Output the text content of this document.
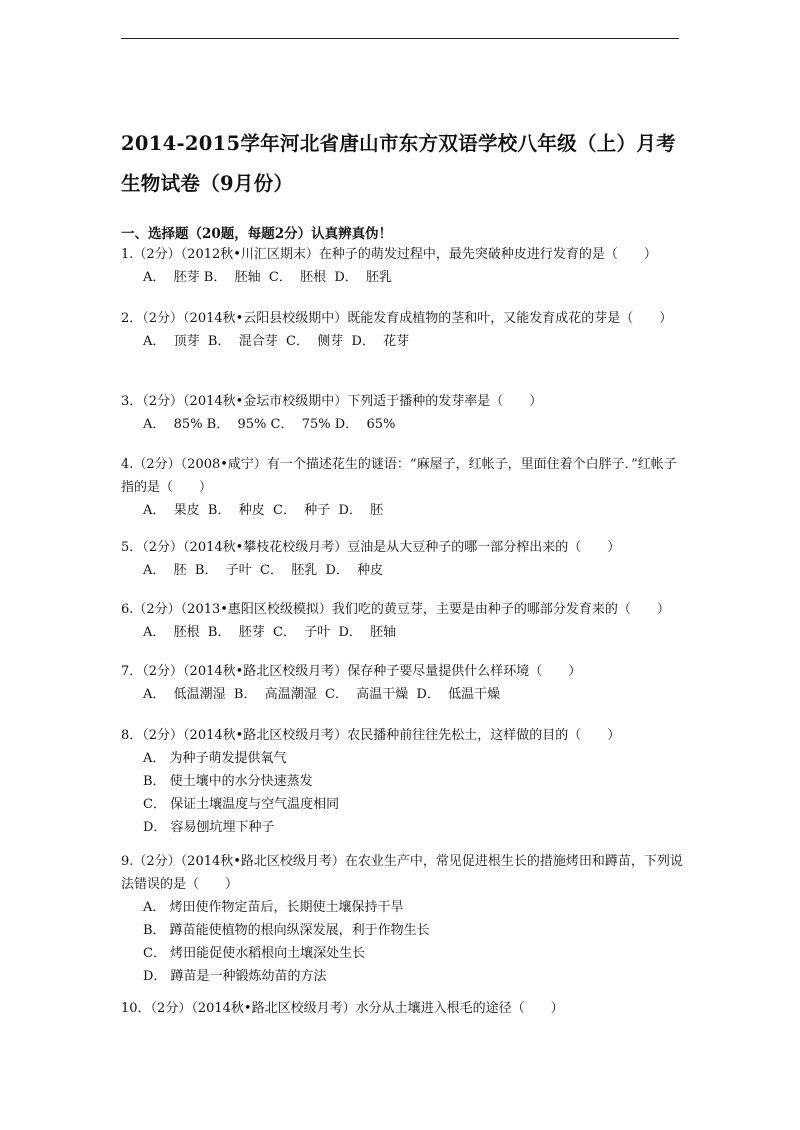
2014-2015学年河北省唐山市东方双语学校八年级（上）月考生物试卷（9月份）
一、选择题（20题，每题2分）认真辨真伪！
1.（2分）（2012秋•川汇区期末）在种子的萌发过程中，最先突破种皮进行发育的是（　　）
A．  胚芽 B．  胚轴  C．  胚根  D．  胚乳
2．（2分）（2014秋•云阳县校级期中）既能发育成植物的茎和叶，又能发育成花的芽是（　　）
A．  顶芽  B．  混合芽  C．  侧芽  D．  花芽
3．（2分）（2014秋•金坛市校级期中）下列适于播种的发芽率是（　　）
A．  85% B．  95% C．  75% D．  65%
4.（2分）（2008•咸宁）有一个描述花生的谜语：“麻屋子，红帐子，里面住着个白胖子．”红帐子指的是（　　）
A．  果皮  B．  种皮  C．  种子  D．  胚
5．（2分）（2014秋•攀枝花校级月考）豆油是从大豆种子的哪一部分榨出来的（　　）
A．  胚  B．  子叶  C．  胚乳  D．  种皮
6.（2分）（2013•惠阳区校级模拟）我们吃的黄豆芽，主要是由种子的哪部分发育来的（　　）
A．  胚根  B．  胚芽  C．  子叶  D．  胚轴
7．（2分）（2014秋•路北区校级月考）保存种子要尽量提供什么样环境（　　）
A．  低温潮湿  B．  高温潮湿  C．  高温干燥  D．  低温干燥
8．（2分）（2014秋•路北区校级月考）农民播种前往往先松土，这样做的目的（　　）
A． 为种子萌发提供氧气
B． 使土壤中的水分快速蒸发
C． 保证土壤温度与空气温度相同
D． 容易刨坑埋下种子
9.（2分）（2014秋•路北区校级月考）在农业生产中，常见促进根生长的措施烤田和蹲苗，下列说法错误的是（　　）
A． 烤田使作物定苗后，长期使土壤保持干旱
B． 蹲苗能使植物的根向纵深发展，利于作物生长
C． 烤田能促使水稻根向土壤深处生长
D． 蹲苗是一种锻炼幼苗的方法
10．（2分）（2014秋•路北区校级月考）水分从土壤进入根毛的途径（　　）
